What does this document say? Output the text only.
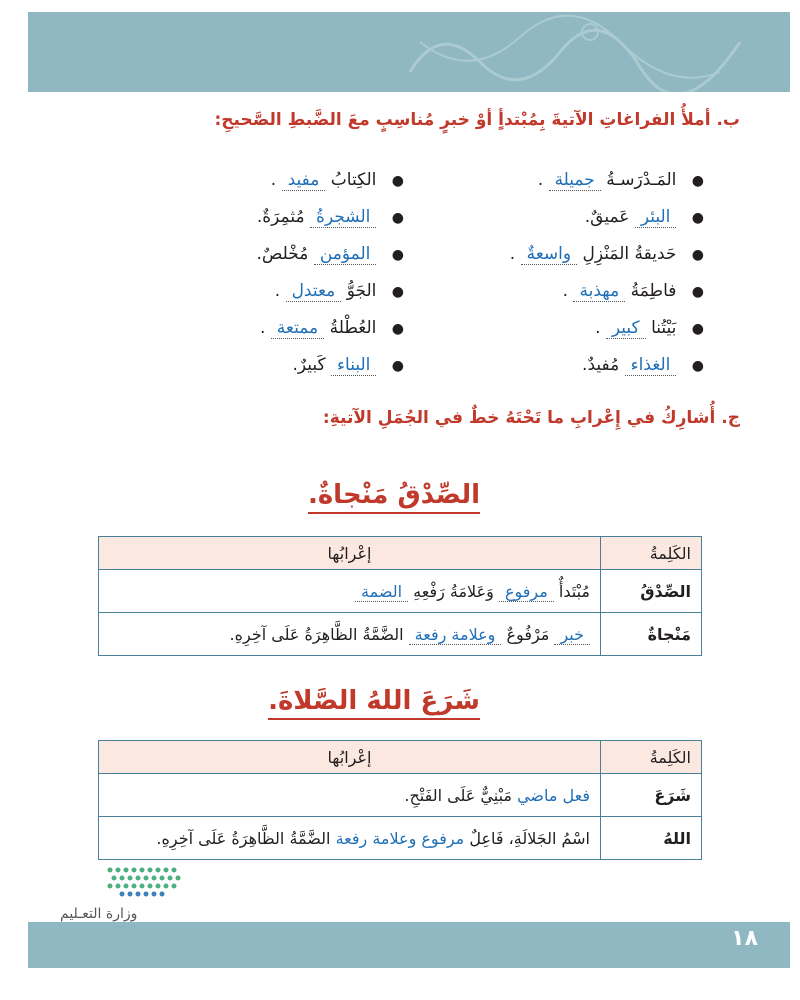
ب. أملأُ الفراغاتِ الآتيةَ بِمُبْتدأٍ أوْ خبرٍ مُناسِبٍ معَ الضَّبطِ الصَّحيحِ:
● المَـدْرَسـةُ جميلة .
● الكِتابُ مفيد .
● البئر عَميقٌ.
● الشجرةُ مُثمِرَةٌ.
● حَديقةُ المَنْزِلِ واسعةٌ .
● المؤمن مُخْلصٌ.
● فاطِمَةُ مهذبة .
● الجَوُّ معتدل .
● بَيْتُنا كبير .
● العُطْلةُ ممتعة .
● الغذاء مُفيدٌ.
● البناء كَبيرٌ.
ج. أُشارِكُ في إِعْرابِ ما تَحْتَهُ خطٌ في الجُمَلِ الآتيةِ:
الصِّدْقُ مَنْجاةٌ.
الكَلِمةُ	إعْرابُها
الصِّدْقُ	مُبْتَدأٌ مرفوع وَعَلامَةُ رَفْعِهِ الضمة
مَنْجاةٌ	خبر مَرْفُوعٌ وعلامة رفعة الضَّمَّةُ الظَّاهِرَةُ عَلَى آخِرِهِ.
شَرَعَ اللهُ الصَّلاةَ.
الكَلِمةُ	إعْرابُها
شَرَعَ	فعل ماضي مَبْنِيٌّ عَلَى الفَتْحِ.
اللهُ	اسْمُ الجَلالَةِ، فَاعِلٌ مرفوع وعلامة رفعة الضَّمَّةُ الظَّاهِرَةُ عَلَى آخِرِهِ.
وزارة التعـليم
١٨
